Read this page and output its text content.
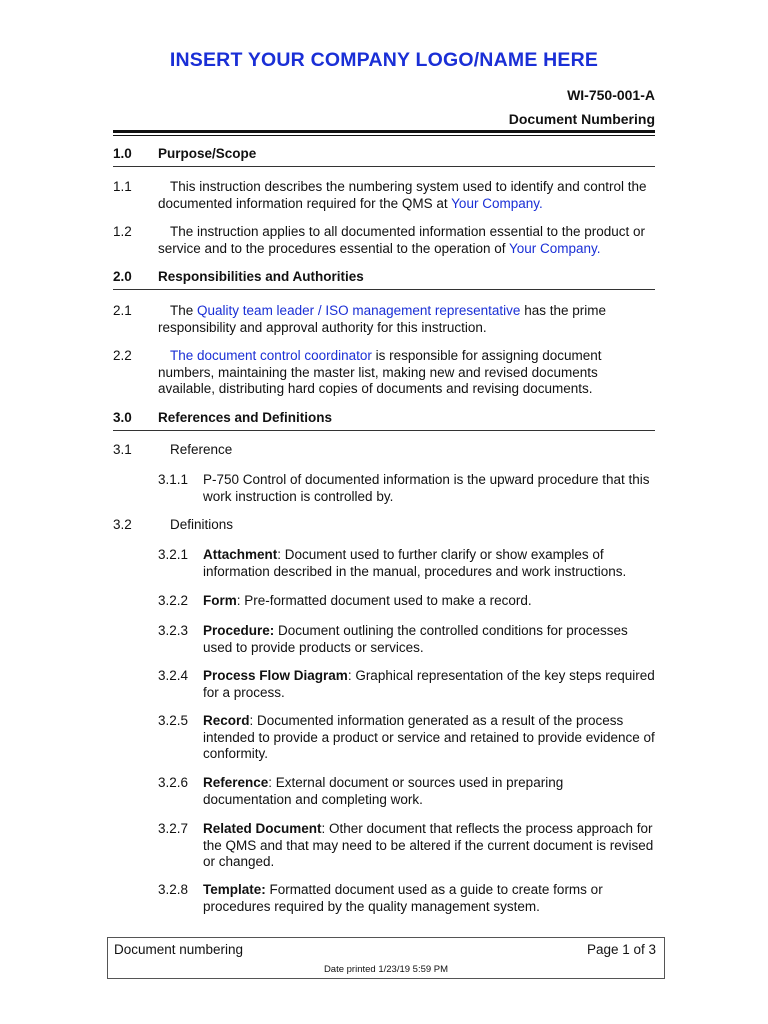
INSERT YOUR COMPANY LOGO/NAME HERE
WI-750-001-A
Document Numbering
1.0 Purpose/Scope
1.1	This instruction describes the numbering system used to identify and control the documented information required for the QMS at Your Company.
1.2	The instruction applies to all documented information essential to the product or service and to the procedures essential to the operation of Your Company.
2.0 Responsibilities and Authorities
2.1	The Quality team leader / ISO management representative has the prime responsibility and approval authority for this instruction.
2.2	The document control coordinator is responsible for assigning document numbers, maintaining the master list, making new and revised documents available, distributing hard copies of documents and revising documents.
3.0 References and Definitions
3.1	Reference
3.1.1 P-750 Control of documented information is the upward procedure that this work instruction is controlled by.
3.2	Definitions
3.2.1 Attachment: Document used to further clarify or show examples of information described in the manual, procedures and work instructions.
3.2.2 Form: Pre-formatted document used to make a record.
3.2.3 Procedure: Document outlining the controlled conditions for processes used to provide products or services.
3.2.4 Process Flow Diagram: Graphical representation of the key steps required for a process.
3.2.5 Record: Documented information generated as a result of the process intended to provide a product or service and retained to provide evidence of conformity.
3.2.6 Reference: External document or sources used in preparing documentation and completing work.
3.2.7 Related Document: Other document that reflects the process approach for the QMS and that may need to be altered if the current document is revised or changed.
3.2.8 Template: Formatted document used as a guide to create forms or procedures required by the quality management system.
Document numbering	Page 1 of 3
Date printed 1/23/19 5:59 PM
